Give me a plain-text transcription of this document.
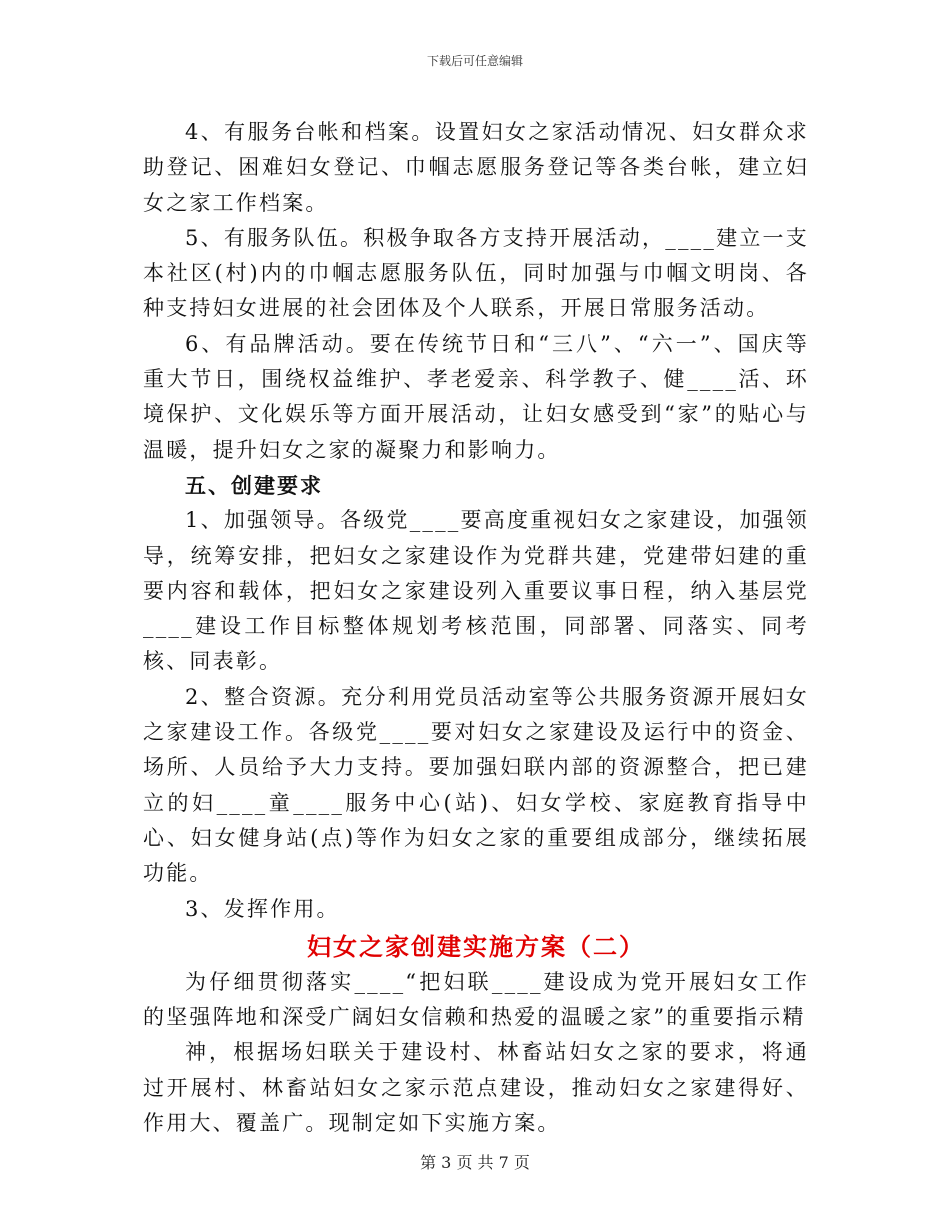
下载后可任意编辑

4、有服务台帐和档案。设置妇女之家活动情况、妇女群众求助登记、困难妇女登记、巾帼志愿服务登记等各类台帐，建立妇女之家工作档案。

5、有服务队伍。积极争取各方支持开展活动，____建立一支本社区(村)内的巾帼志愿服务队伍，同时加强与巾帼文明岗、各种支持妇女进展的社会团体及个人联系，开展日常服务活动。

6、有品牌活动。要在传统节日和“三八”、“六一”、国庆等重大节日，围绕权益维护、孝老爱亲、科学教子、健____活、环境保护、文化娱乐等方面开展活动，让妇女感受到“家”的贴心与温暖，提升妇女之家的凝聚力和影响力。

五、创建要求

1、加强领导。各级党____要高度重视妇女之家建设，加强领导，统筹安排，把妇女之家建设作为党群共建，党建带妇建的重要内容和载体，把妇女之家建设列入重要议事日程，纳入基层党____建设工作目标整体规划考核范围，同部署、同落实、同考核、同表彰。

2、整合资源。充分利用党员活动室等公共服务资源开展妇女之家建设工作。各级党____要对妇女之家建设及运行中的资金、场所、人员给予大力支持。要加强妇联内部的资源整合，把已建立的妇____童____服务中心(站)、妇女学校、家庭教育指导中心、妇女健身站(点)等作为妇女之家的重要组成部分，继续拓展功能。

3、发挥作用。

妇女之家创建实施方案（二）

为仔细贯彻落实____“把妇联____建设成为党开展妇女工作的坚强阵地和深受广阔妇女信赖和热爱的温暖之家”的重要指示精

神，根据场妇联关于建设村、林畜站妇女之家的要求，将通过开展村、林畜站妇女之家示范点建设，推动妇女之家建得好、作用大、覆盖广。现制定如下实施方案。

第 3 页 共 7 页
